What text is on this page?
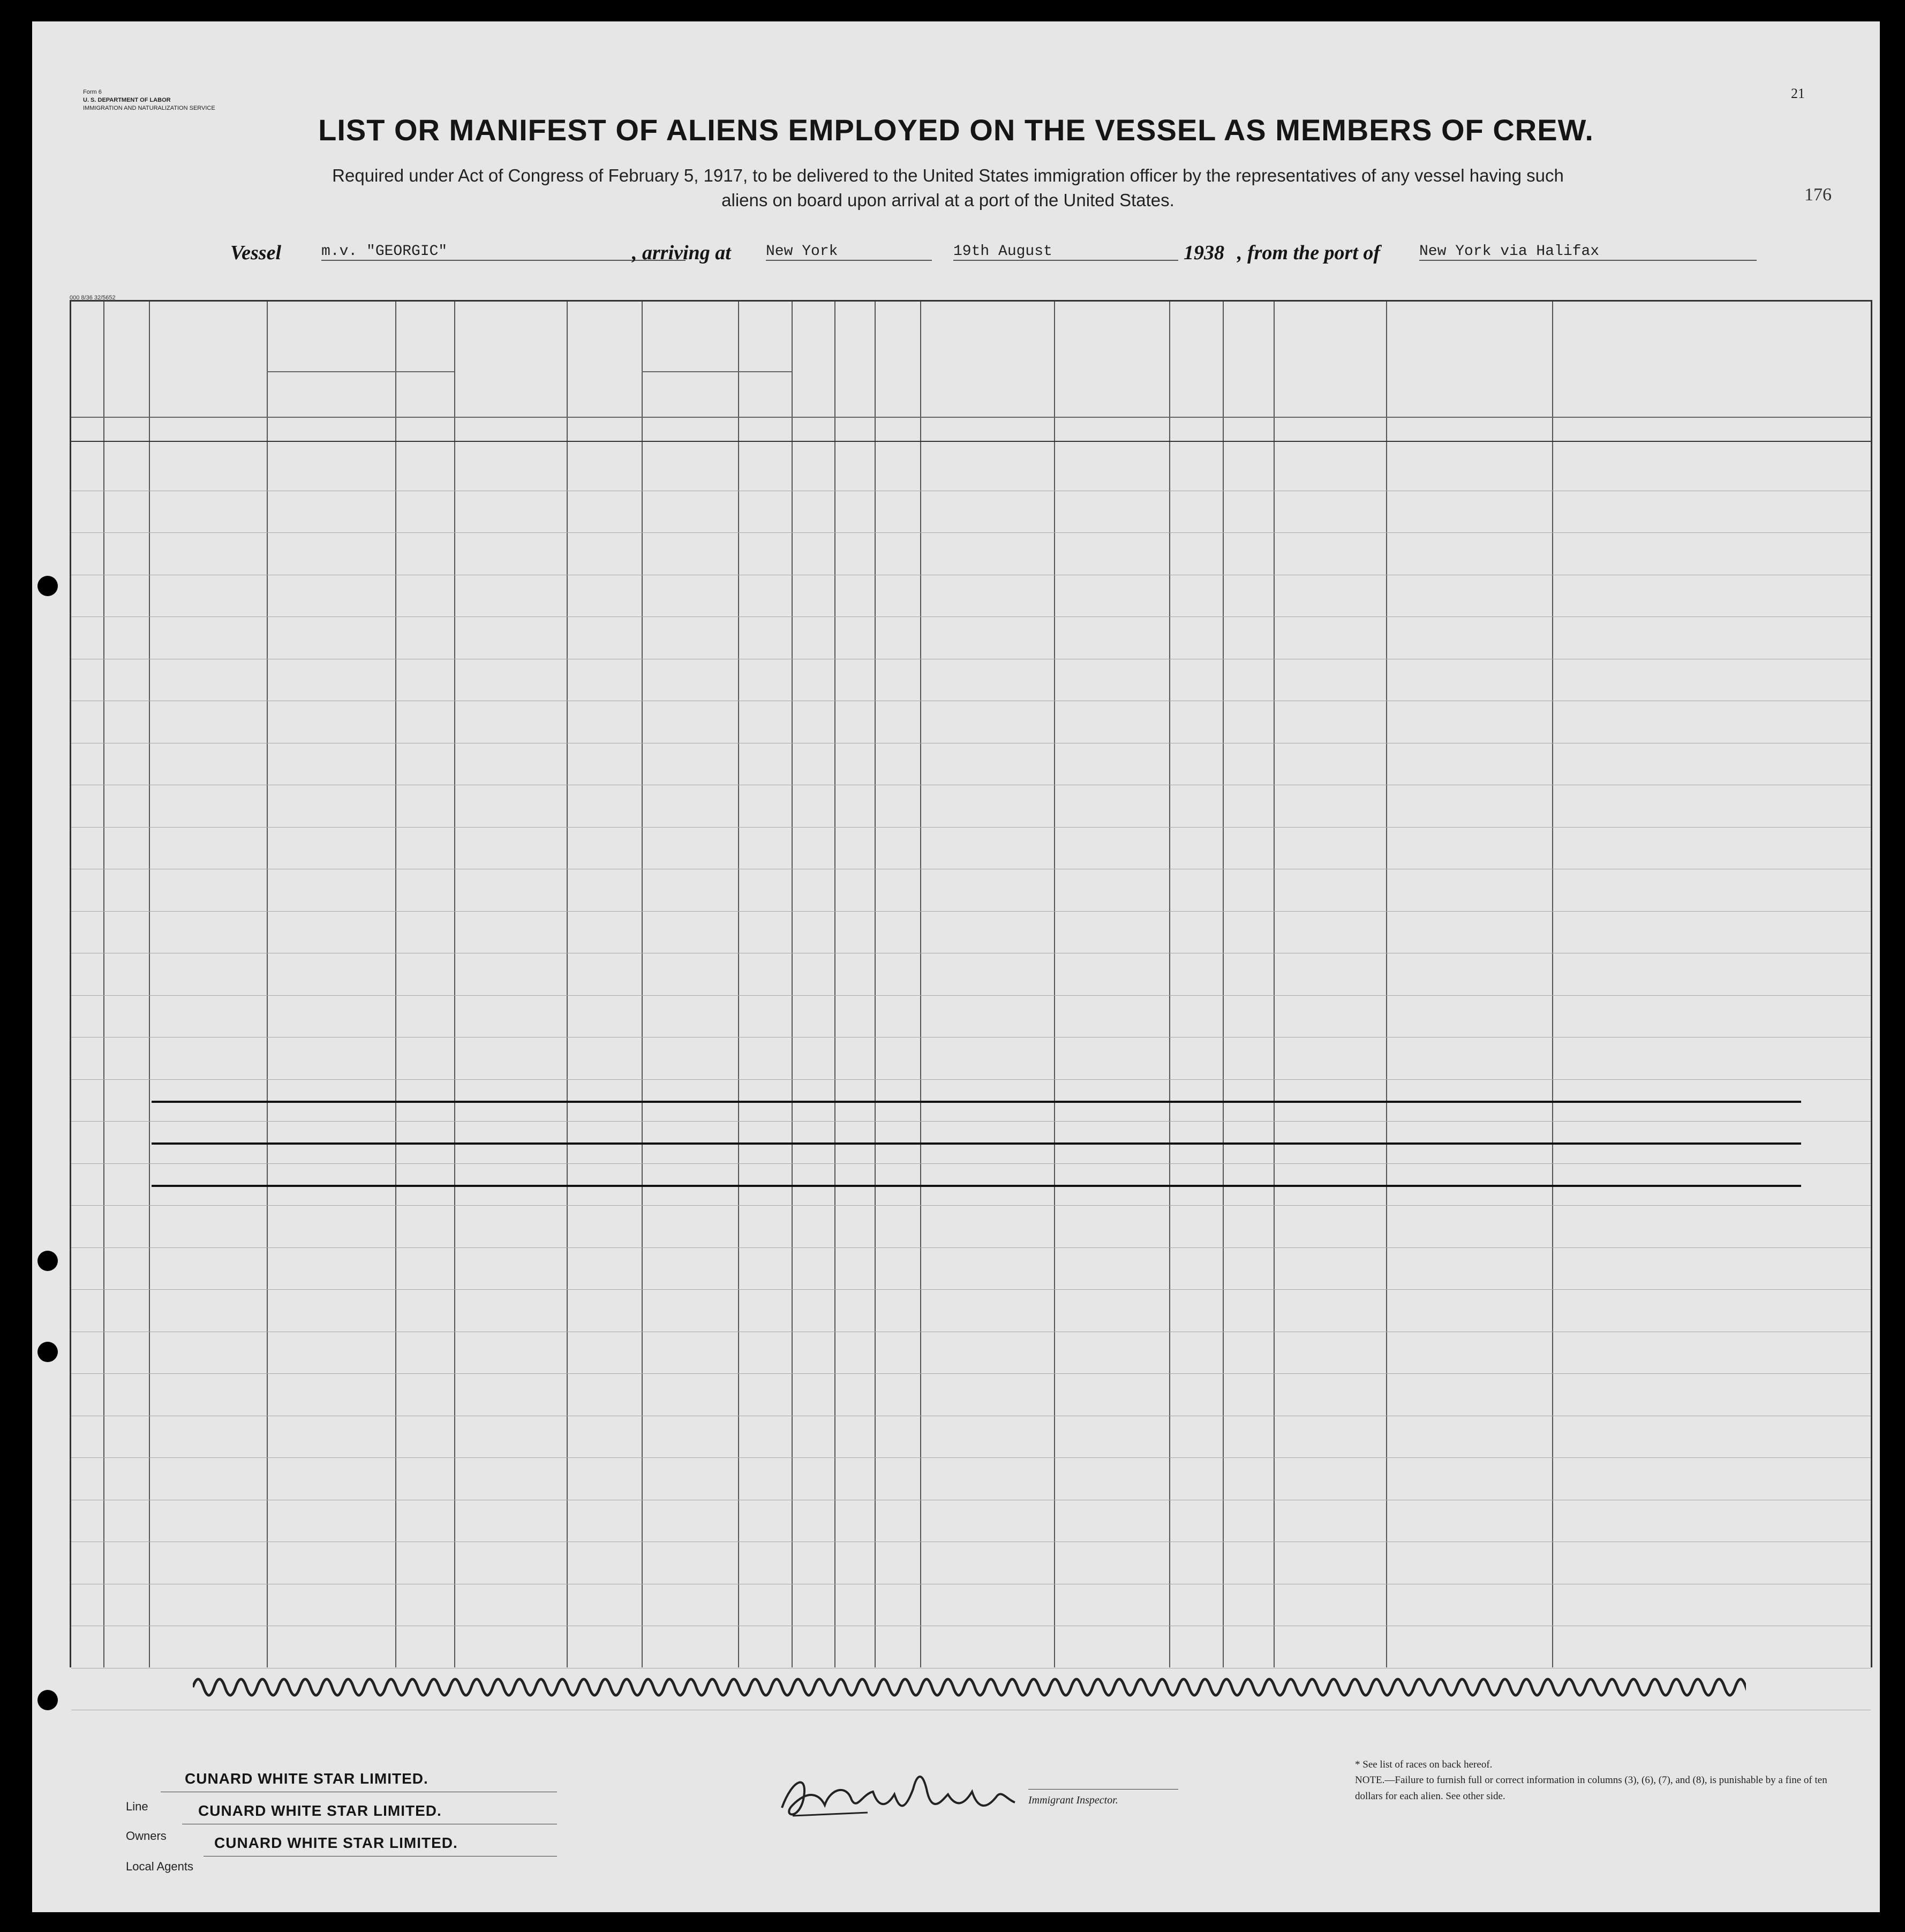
Form 6
U. S. DEPARTMENT OF LABOR
IMMIGRATION AND NATURALIZATION SERVICE
21
176
LIST OR MANIFEST OF ALIENS EMPLOYED ON THE VESSEL AS MEMBERS OF CREW.
Required under Act of Congress of February 5, 1917, to be delivered to the United States immigration officer by the representatives of any vessel having such
aliens on board upon arrival at a port of the United States.
Vessel	m.v. "GEORGIC"	, arriving at New York	19th August	1938 , from the port of	New York via Halifax
000 8/36 32/5652
Line
CUNARD WHITE STAR LIMITED.
Owners
CUNARD WHITE STAR LIMITED.
Local Agents
CUNARD WHITE STAR LIMITED.
Immigrant Inspector.
* See list of races on back hereof.
NOTE.—Failure to furnish full or correct information in columns (3), (6), (7), and (8), is punishable by a fine of ten dollars for each alien. See other side.
